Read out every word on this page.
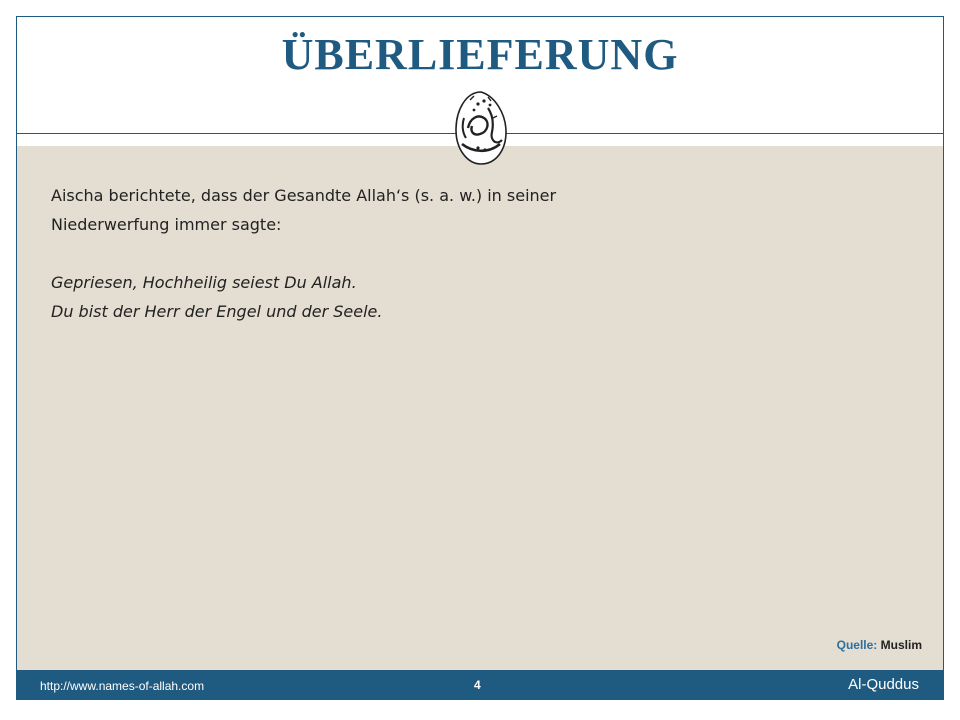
ÜBERLIEFERUNG

Aischa berichtete, dass der Gesandte Allah‘s (s. a. w.) in seiner

Niederwerfung immer sagte:

Gepriesen, Hochheilig seiest Du Allah.

Du bist der Herr der Engel und der Seele.

Quelle: Muslim
http://www.names-of-allah.com	4	Al-Quddus
